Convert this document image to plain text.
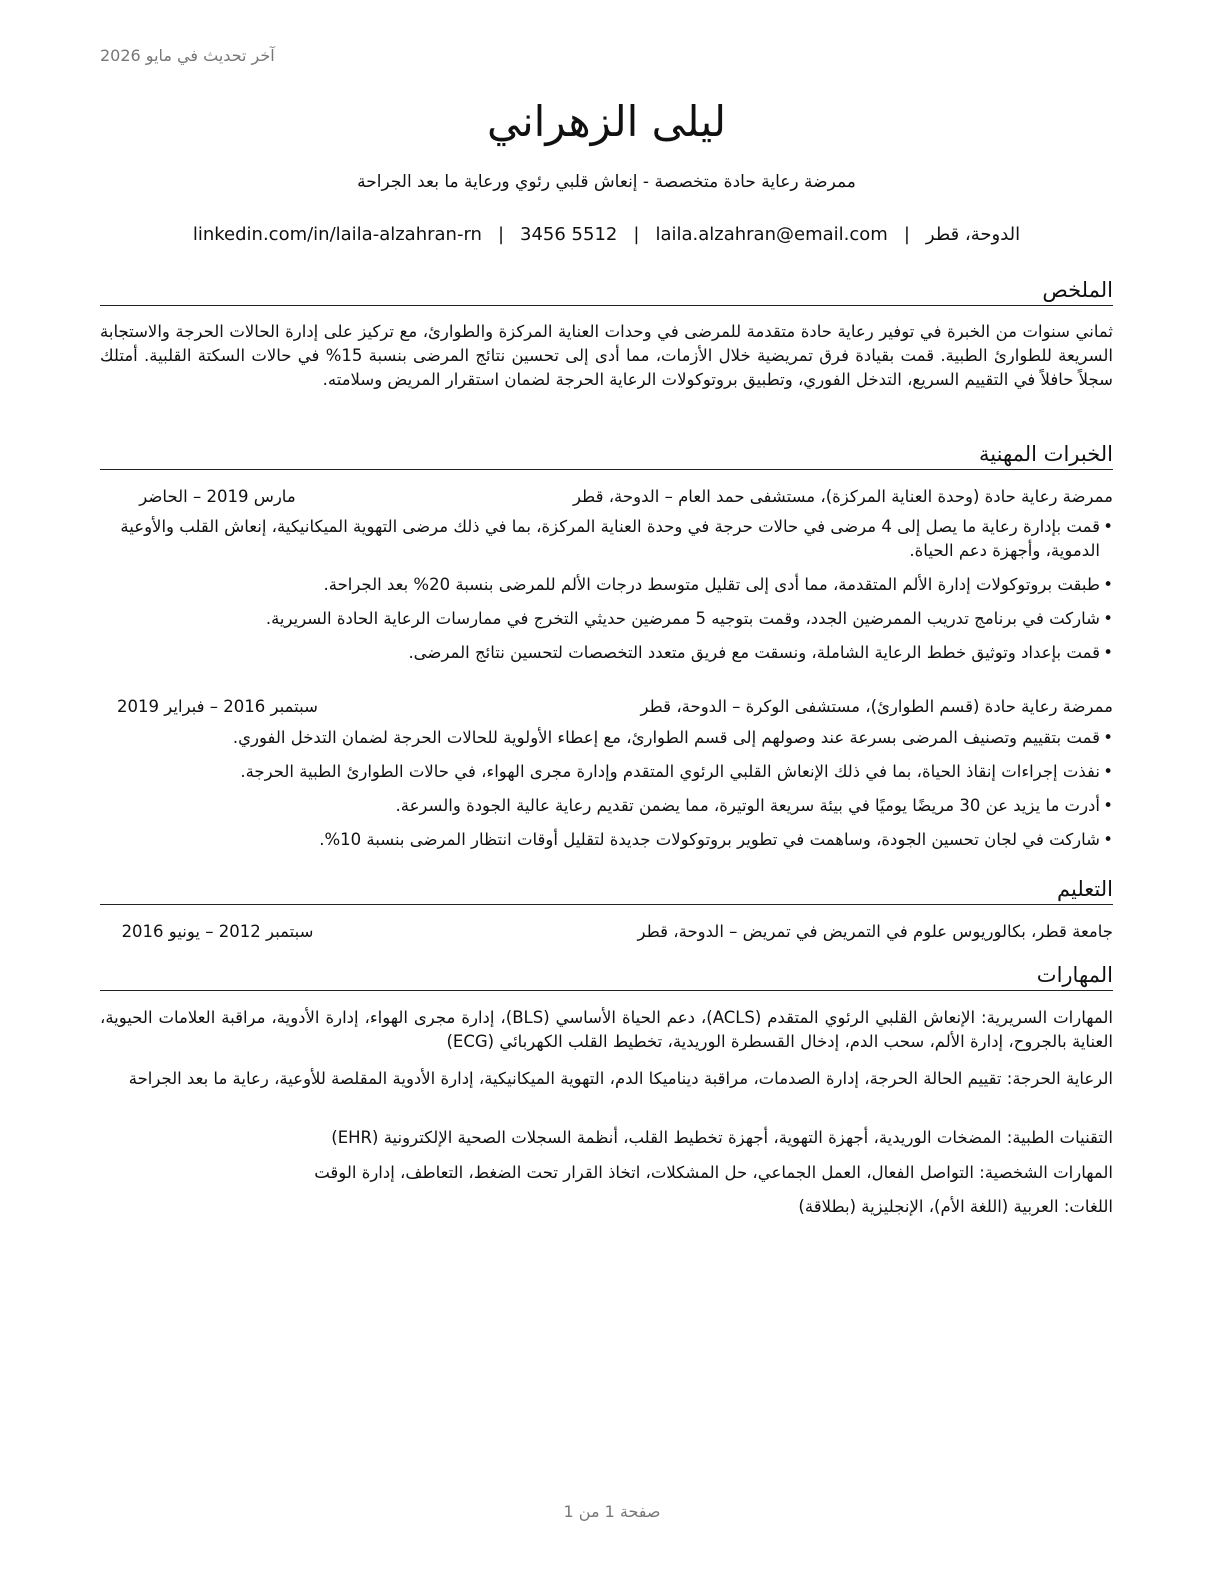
آخر تحديث في مايو 2026
ليلى الزهراني
ممرضة رعاية حادة متخصصة - إنعاش قلبي رئوي ورعاية ما بعد الجراحة
الدوحة، قطر|laila.alzahran@email.com|3456 5512|linkedin.com/in/laila-alzahran-rn
الملخص
ثماني سنوات من الخبرة في توفير رعاية حادة متقدمة للمرضى في وحدات العناية المركزة والطوارئ، مع تركيز على إدارة الحالات الحرجة والاستجابة السريعة للطوارئ الطبية. قمت بقيادة فرق تمريضية خلال الأزمات، مما أدى إلى تحسين نتائج المرضى بنسبة 15% في حالات السكتة القلبية. أمتلك سجلاً حافلاً في التقييم السريع، التدخل الفوري، وتطبيق بروتوكولات الرعاية الحرجة لضمان استقرار المريض وسلامته.
الخبرات المهنية
ممرضة رعاية حادة (وحدة العناية المركزة)، مستشفى حمد العام – الدوحة، قطر
مارس 2019 – الحاضر
• قمت بإدارة رعاية ما يصل إلى 4 مرضى في حالات حرجة في وحدة العناية المركزة، بما في ذلك مرضى التهوية الميكانيكية، إنعاش القلب والأوعية الدموية، وأجهزة دعم الحياة.
• طبقت بروتوكولات إدارة الألم المتقدمة، مما أدى إلى تقليل متوسط درجات الألم للمرضى بنسبة 20% بعد الجراحة.
• شاركت في برنامج تدريب الممرضين الجدد، وقمت بتوجيه 5 ممرضين حديثي التخرج في ممارسات الرعاية الحادة السريرية.
• قمت بإعداد وتوثيق خطط الرعاية الشاملة، ونسقت مع فريق متعدد التخصصات لتحسين نتائج المرضى.
ممرضة رعاية حادة (قسم الطوارئ)، مستشفى الوكرة – الدوحة، قطر
سبتمبر 2016 – فبراير 2019
• قمت بتقييم وتصنيف المرضى بسرعة عند وصولهم إلى قسم الطوارئ، مع إعطاء الأولوية للحالات الحرجة لضمان التدخل الفوري.
• نفذت إجراءات إنقاذ الحياة، بما في ذلك الإنعاش القلبي الرئوي المتقدم وإدارة مجرى الهواء، في حالات الطوارئ الطبية الحرجة.
• أدرت ما يزيد عن 30 مريضًا يوميًا في بيئة سريعة الوتيرة، مما يضمن تقديم رعاية عالية الجودة والسرعة.
• شاركت في لجان تحسين الجودة، وساهمت في تطوير بروتوكولات جديدة لتقليل أوقات انتظار المرضى بنسبة 10%.
التعليم
جامعة قطر، بكالوريوس علوم في التمريض في تمريض – الدوحة، قطر
سبتمبر 2012 – يونيو 2016
المهارات
المهارات السريرية: الإنعاش القلبي الرئوي المتقدم (ACLS)، دعم الحياة الأساسي (BLS)، إدارة مجرى الهواء، إدارة الأدوية، مراقبة العلامات الحيوية، العناية بالجروح، إدارة الألم، سحب الدم، إدخال القسطرة الوريدية، تخطيط القلب الكهربائي (ECG)
الرعاية الحرجة: تقييم الحالة الحرجة، إدارة الصدمات، مراقبة ديناميكا الدم، التهوية الميكانيكية، إدارة الأدوية المقلصة للأوعية، رعاية ما بعد الجراحة
التقنيات الطبية: المضخات الوريدية، أجهزة التهوية، أجهزة تخطيط القلب، أنظمة السجلات الصحية الإلكترونية (EHR)
المهارات الشخصية: التواصل الفعال، العمل الجماعي، حل المشكلات، اتخاذ القرار تحت الضغط، التعاطف، إدارة الوقت
اللغات: العربية (اللغة الأم)، الإنجليزية (بطلاقة)
صفحة 1 من 1
